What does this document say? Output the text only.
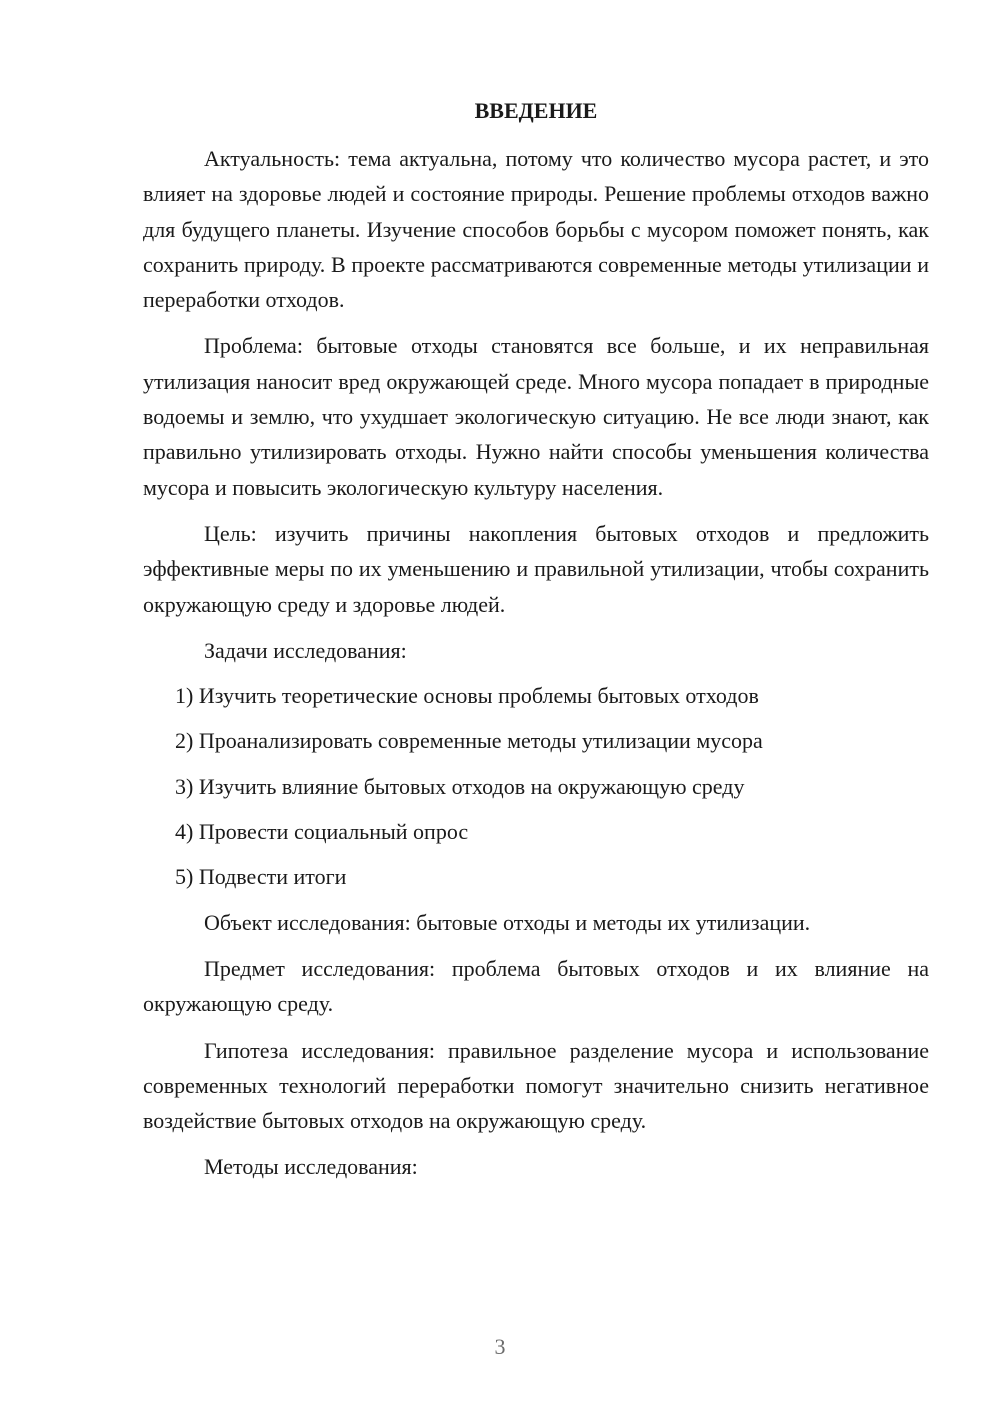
ВВЕДЕНИЕ

Актуальность: тема актуальна, потому что количество мусора растет, и это влияет на здоровье людей и состояние природы. Решение проблемы отходов важно для будущего планеты. Изучение способов борьбы с мусором поможет понять, как сохранить природу. В проекте рассматриваются современные методы утилизации и переработки отходов.

Проблема: бытовые отходы становятся все больше, и их неправильная утилизация наносит вред окружающей среде. Много мусора попадает в природные водоемы и землю, что ухудшает экологическую ситуацию. Не все люди знают, как правильно утилизировать отходы. Нужно найти способы уменьшения количества мусора и повысить экологическую культуру населения.

Цель: изучить причины накопления бытовых отходов и предложить эффективные меры по их уменьшению и правильной утилизации, чтобы сохранить окружающую среду и здоровье людей.

Задачи исследования:

1) Изучить теоретические основы проблемы бытовых отходов
2) Проанализировать современные методы утилизации мусора
3) Изучить влияние бытовых отходов на окружающую среду
4) Провести социальный опрос
5) Подвести итоги

Объект исследования: бытовые отходы и методы их утилизации.

Предмет исследования: проблема бытовых отходов и их влияние на окружающую среду.

Гипотеза исследования: правильное разделение мусора и использование современных технологий переработки помогут значительно снизить негативное воздействие бытовых отходов на окружающую среду.

Методы исследования:

3
